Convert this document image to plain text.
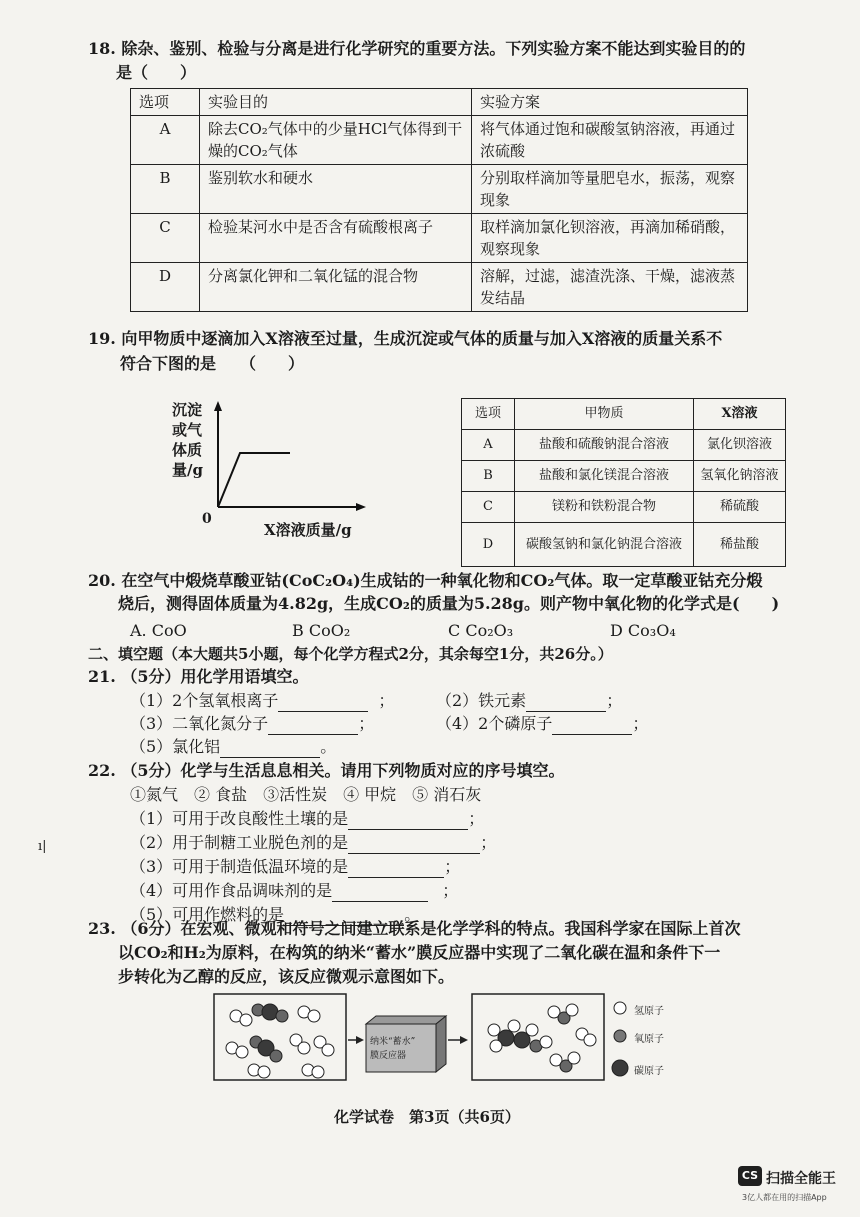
18. 除杂、鉴别、检验与分离是进行化学研究的重要方法。下列实验方案不能达到实验目的的
是（　　）
选项	实验目的	实验方案
A	除去CO₂气体中的少量HCl气体得到干燥的CO₂气体	将气体通过饱和碳酸氢钠溶液，再通过浓硫酸
B	鉴别软水和硬水	分别取样滴加等量肥皂水，振荡，观察现象
C	检验某河水中是否含有硫酸根离子	取样滴加氯化钡溶液，再滴加稀硝酸，观察现象
D	分离氯化钾和二氧化锰的混合物	溶解，过滤，滤渣洗涤、干燥，滤液蒸发结晶
19. 向甲物质中逐滴加入X溶液至过量，生成沉淀或气体的质量与加入X溶液的质量关系不
符合下图的是　　（　　）
沉淀
或气
体质
量/g
0
X溶液质量/g
选项	甲物质	X溶液
A	盐酸和硫酸钠混合溶液	氯化钡溶液
B	盐酸和氯化镁混合溶液	氢氧化钠溶液
C	镁粉和铁粉混合物	稀硫酸
D	碳酸氢钠和氯化钠混合溶液	稀盐酸
20. 在空气中煅烧草酸亚钴(CoC₂O₄)生成钴的一种氧化物和CO₂气体。取一定草酸亚钴充分煅
烧后，测得固体质量为4.82g，生成CO₂的质量为5.28g。则产物中氧化物的化学式是(　　)
A. CoO	B CoO₂	C Co₂O₃	D Co₃O₄
二、填空题（本大题共5小题，每个化学方程式2分，其余每空1分，共26分。）
21. （5分）用化学用语填空。
（1）2个氢氧根离子	；	（2）铁元素	；
（3）二氧化氮分子	；	（4）2个磷原子	；
（5）氯化铝	。
22. （5分）化学与生活息息相关。请用下列物质对应的序号填空。
①氮气　② 食盐　③活性炭　④ 甲烷　⑤ 消石灰
（1）可用于改良酸性土壤的是	；
（2）用于制糖工业脱色剂的是	；
（3）可用于制造低温环境的是	；
（4）可用作食品调味剂的是	；
（5）可用作燃料的是	。
ı|
23. （6分）在宏观、微观和符号之间建立联系是化学学科的特点。我国科学家在国际上首次
以CO₂和H₂为原料，在构筑的纳米“蓄水”膜反应器中实现了二氧化碳在温和条件下一
步转化为乙醇的反应，该反应微观示意图如下。
纳米“蓄水”
膜反应器
氢原子
氧原子
碳原子
化学试卷　第3页（共6页）
CS 扫描全能王
3亿人都在用的扫描App
